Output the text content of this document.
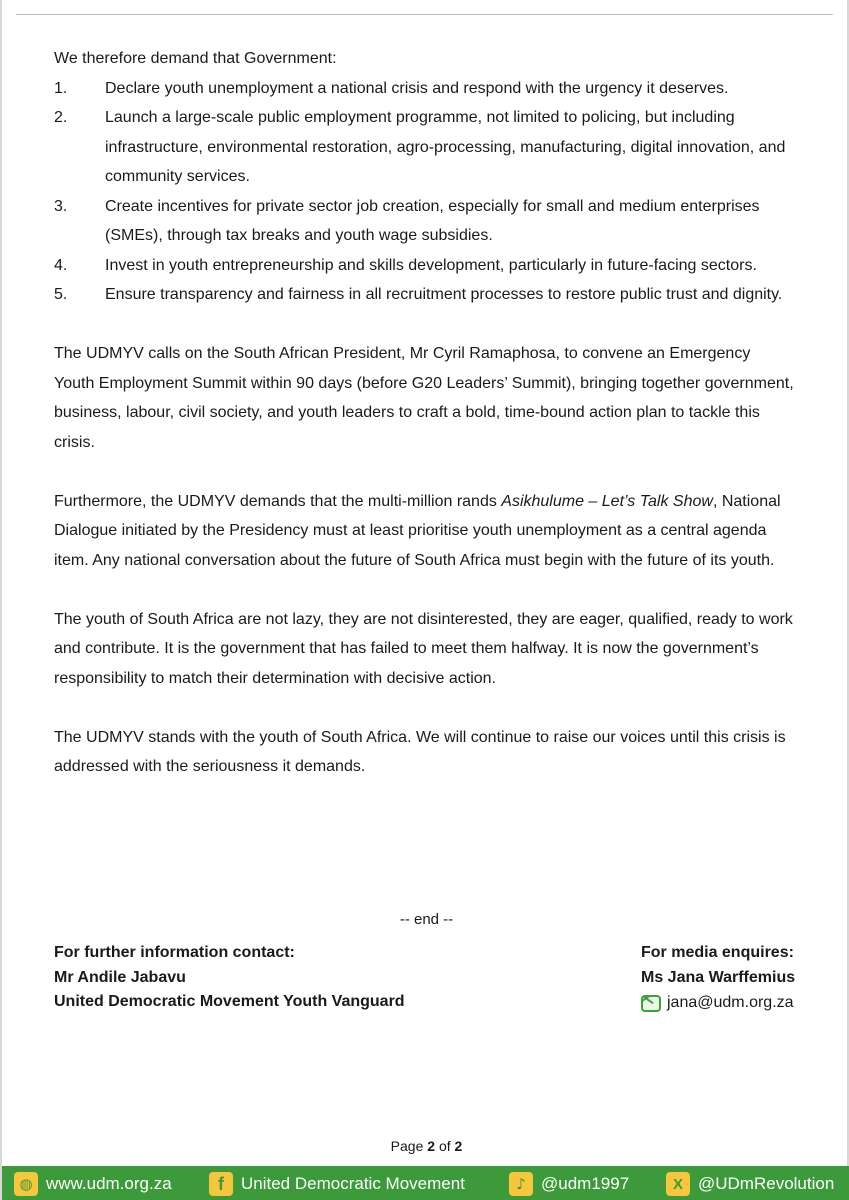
We therefore demand that Government:

1. Declare youth unemployment a national crisis and respond with the urgency it deserves.
2. Launch a large-scale public employment programme, not limited to policing, but including infrastructure, environmental restoration, agro-processing, manufacturing, digital innovation, and community services.
3. Create incentives for private sector job creation, especially for small and medium enterprises (SMEs), through tax breaks and youth wage subsidies.
4. Invest in youth entrepreneurship and skills development, particularly in future-facing sectors.
5. Ensure transparency and fairness in all recruitment processes to restore public trust and dignity.

The UDMYV calls on the South African President, Mr Cyril Ramaphosa, to convene an Emergency Youth Employment Summit within 90 days (before G20 Leaders’ Summit), bringing together government, business, labour, civil society, and youth leaders to craft a bold, time-bound action plan to tackle this crisis.

Furthermore, the UDMYV demands that the multi-million rands Asikhulume – Let’s Talk Show, National Dialogue initiated by the Presidency must at least prioritise youth unemployment as a central agenda item. Any national conversation about the future of South Africa must begin with the future of its youth.

The youth of South Africa are not lazy, they are not disinterested, they are eager, qualified, ready to work and contribute. It is the government that has failed to meet them halfway. It is now the government’s responsibility to match their determination with decisive action.

The UDMYV stands with the youth of South Africa. We will continue to raise our voices until this crisis is addressed with the seriousness it demands.

-- end --
For further information contact:
Mr Andile Jabavu
United Democratic Movement Youth Vanguard
For media enquires:
Ms Jana Warffemius
jana@udm.org.za
Page 2 of 2
◍ www.udm.org.za	f	United Democratic Movement	♪ @udm1997	X @UDmRevolution
